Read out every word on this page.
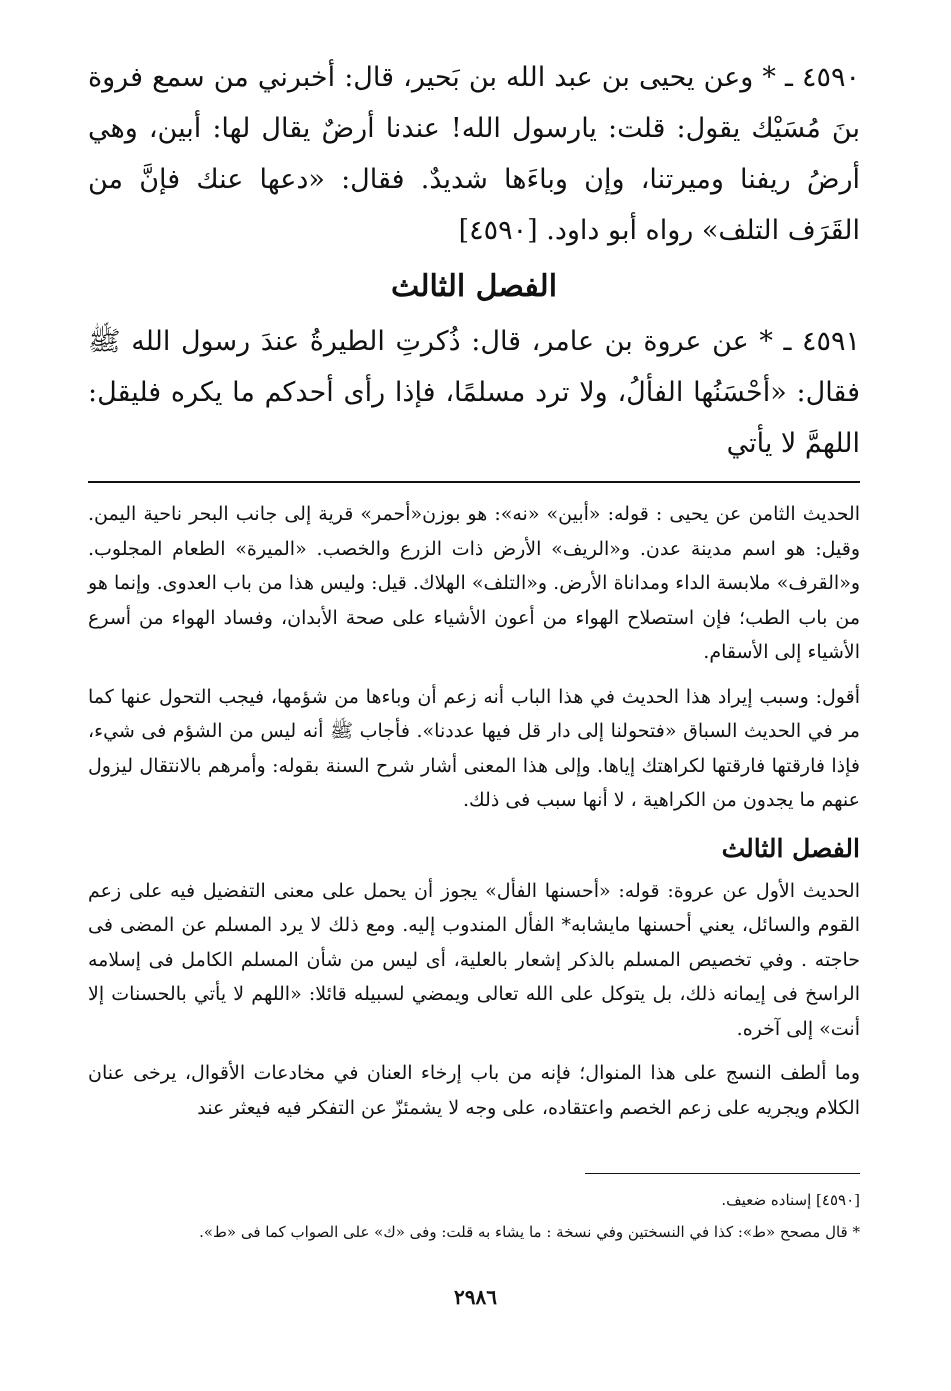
٤٥٩٠ ـ * وعن يحيى بن عبد الله بن بَحير، قال: أخبرني من سمع فروة بنَ مُسَيْك يقول: قلت: يارسول الله! عندنا أرضٌ يقال لها: أبين، وهي أرضُ ريفنا وميرتنا، وإن وباءَها شديدٌ. فقال: «دعها عنك فإنَّ من القَرَف التلف» رواه أبو داود. [٤٥٩٠]

الفصل الثالث

٤٥٩١ ـ * عن عروة بن عامر، قال: ذُكرتِ الطيرةُ عندَ رسول الله ﷺ فقال: «أحْسَنُها الفألُ، ولا ترد مسلمًا، فإذا رأى أحدكم ما يكره فليقل: اللهمَّ لا يأتي

الحديث الثامن عن يحيى : قوله: «أبين» «نه»: هو بوزن«أحمر» قرية إلى جانب البحر ناحية اليمن. وقيل: هو اسم مدينة عدن. و«الريف» الأرض ذات الزرع والخصب. «الميرة» الطعام المجلوب. و«القرف» ملابسة الداء ومداناة الأرض. و«التلف» الهلاك. قيل: وليس هذا من باب العدوى. وإنما هو من باب الطب؛ فإن استصلاح الهواء من أعون الأشياء على صحة الأبدان، وفساد الهواء من أسرع الأشياء إلى الأسقام.

أقول: وسبب إيراد هذا الحديث في هذا الباب أنه زعم أن وباءها من شؤمها، فيجب التحول عنها كما مر في الحديث السباق «فتحولنا إلى دار قل فيها عددنا». فأجاب ﷺ أنه ليس من الشؤم فى شيء، فإذا فارقتها فارقتها لكراهتك إياها. وإلى هذا المعنى أشار شرح السنة بقوله: وأمرهم بالانتقال ليزول عنهم ما يجدون من الكراهية ، لا أنها سبب فى ذلك.

الفصل الثالث

الحديث الأول عن عروة: قوله: «أحسنها الفأل» يجوز أن يحمل على معنى التفضيل فيه على زعم القوم والسائل، يعني أحسنها مايشابه* الفأل المندوب إليه. ومع ذلك لا يرد المسلم عن المضى فى حاجته . وفي تخصيص المسلم بالذكر إشعار بالعلية، أى ليس من شأن المسلم الكامل فى إسلامه الراسخ فى إيمانه ذلك، بل يتوكل على الله تعالى ويمضي لسبيله قائلا: «اللهم لا يأتي بالحسنات إلا أنت» إلى آخره.

وما ألطف النسج على هذا المنوال؛ فإنه من باب إرخاء العنان في مخادعات الأقوال، يرخى عنان الكلام ويجريه على زعم الخصم واعتقاده، على وجه لا يشمئزّ عن التفكر فيه فيعثر عند

[٤٥٩٠] إسناده ضعيف.

* قال مصحح «ط»: كذا في النسختين وفي نسخة : ما يشاء به قلت: وفى «ك» على الصواب كما فى «ط».

٢٩٨٦
